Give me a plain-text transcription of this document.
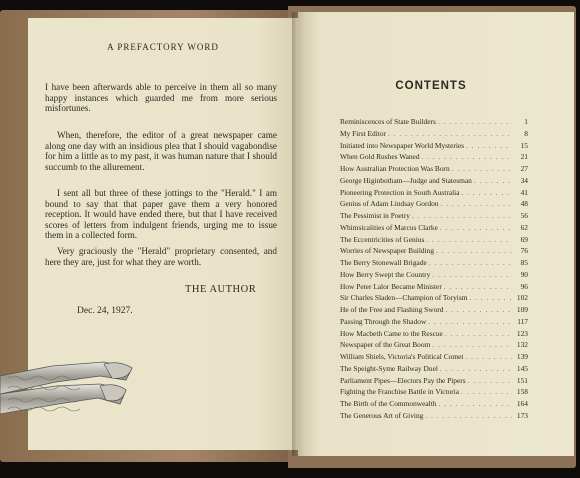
A PREFACTORY WORD

I have been afterwards able to perceive in them all so many happy instances which guarded me from more serious misfortunes.

When, therefore, the editor of a great newspaper came along one day with an insidious plea that I should vagabondise for him a little as to my past, it was human nature that I should succumb to the allurement.

I sent all but three of these jottings to the "Herald." I am bound to say that that paper gave them a very honored reception. It would have ended there, but that I have received scores of letters from indulgent friends, urging me to issue them in a collected form.

Very graciously the "Herald" proprietary consented, and here they are, just for what they are worth.

THE AUTHOR
Dec. 24, 1927.
CONTENTS
Reminiscences of State Builders . . .	1
My First Editor . . .	8
Initiated into Newspaper World Mysteries . . .	15
When Gold Rushes Waned . . .	21
How Australian Protection Was Born . . .	27
George Higinbotham—Judge and Statesman . . .	34
Pioneering Protection in South Australia . . .	41
Genius of Adam Lindsay Gordon . . .	48
The Pessimist in Poetry . . .	56
Whimsicalities of Marcus Clarke . . .	62
The Eccentricities of Genius . . .	69
Worries of Newspaper Building . . .	76
The Berry Stonewall Brigade . . .	85
How Berry Swept the Country . . .	90
How Peter Lalor Became Minister . . .	96
Sir Charles Sladen—Champion of Toryism . . .	102
He of the Free and Flashing Sword . . .	109
Passing Through the Shadow . . .	117
How Macbeth Came to the Rescue . . .	123
Newspaper of the Great Boom . . .	132
William Shiels, Victoria's Political Comet . . .	139
The Speight-Syme Railway Duel . . .	145
Parliament Pipes—Electors Pay the Pipers . . .	151
Fighting the Franchise Battle in Victoria . . .	158
The Birth of the Commonwealth . . .	164
The Generous Art of Giving . . .	173
